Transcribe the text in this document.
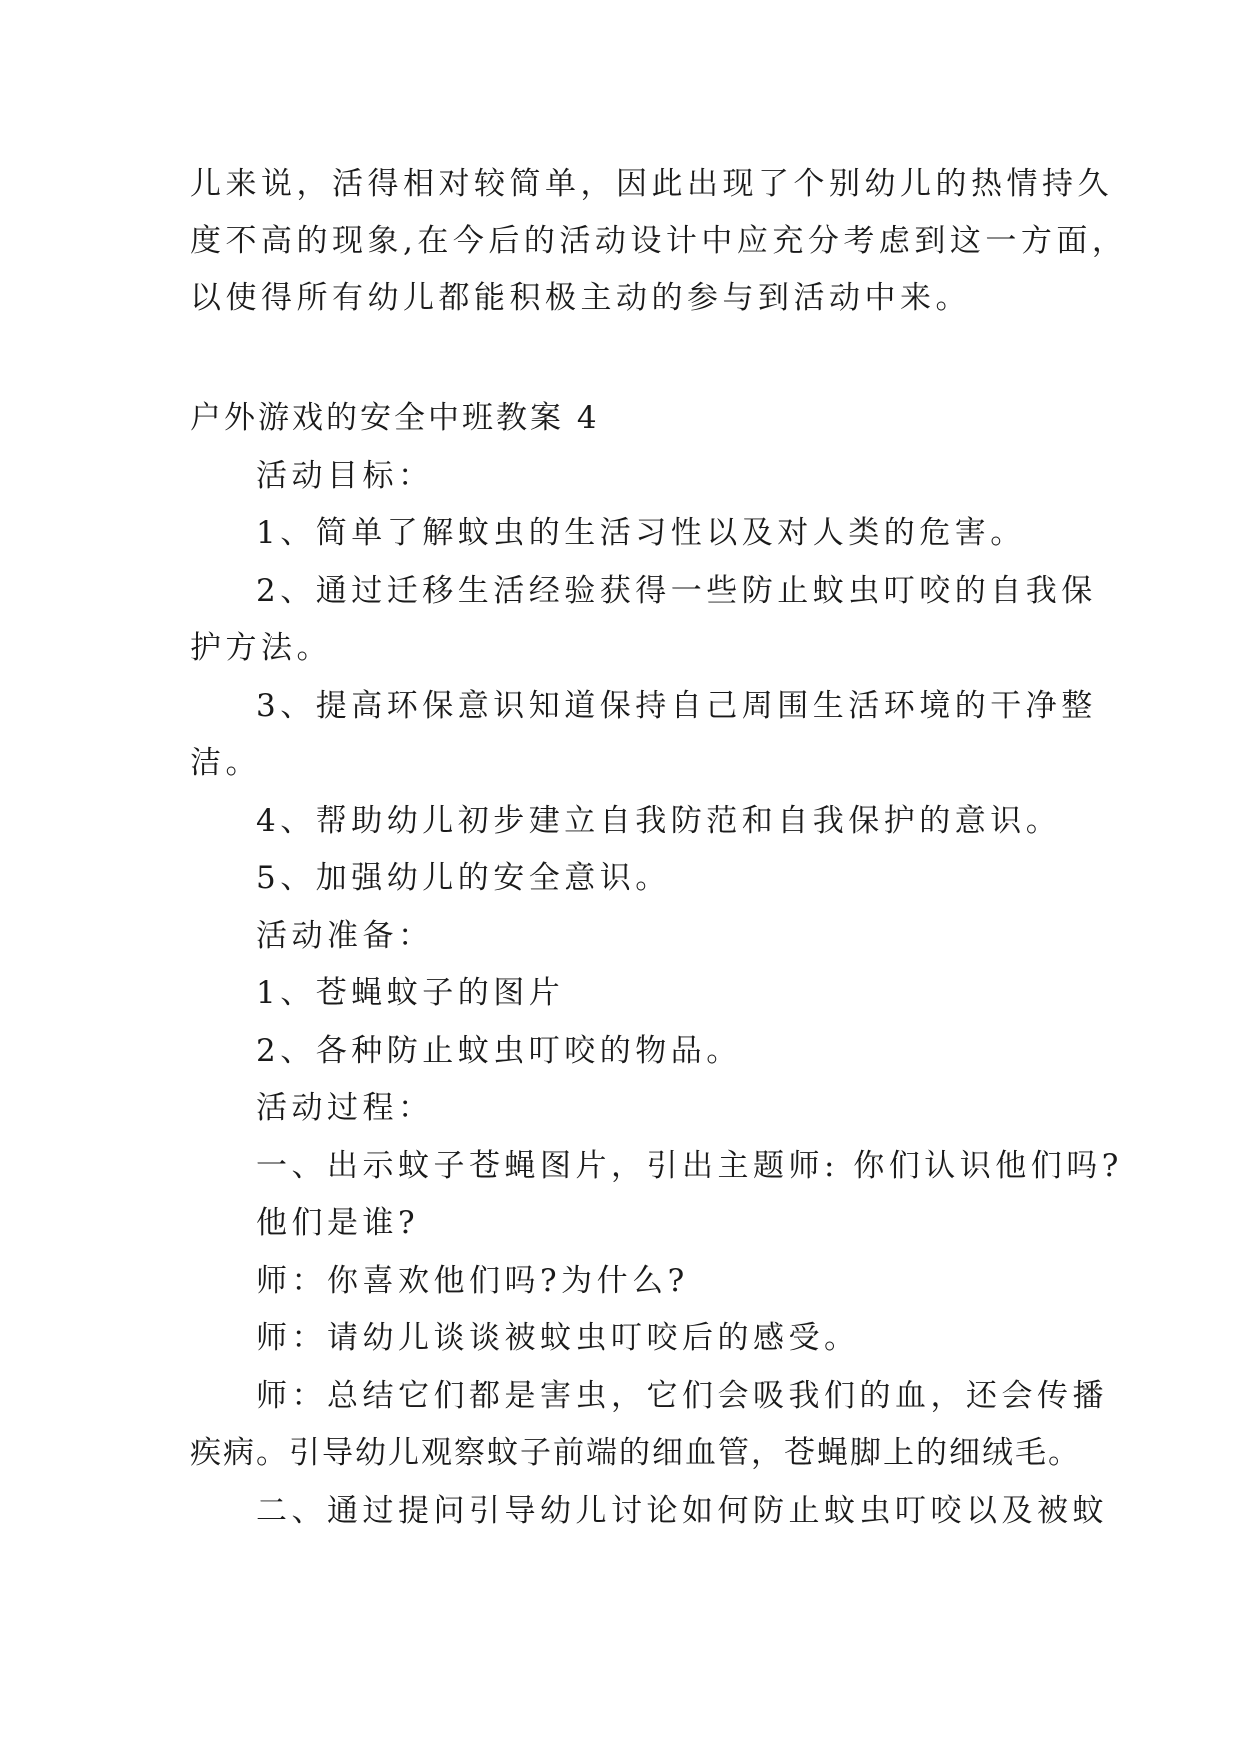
儿来说，活得相对较简单，因此出现了个别幼儿的热情持久
度不高的现象,在今后的活动设计中应充分考虑到这一方面，
以使得所有幼儿都能积极主动的参与到活动中来。
户外游戏的安全中班教案 4
活动目标：
1、简单了解蚊虫的生活习性以及对人类的危害。
2、通过迁移生活经验获得一些防止蚊虫叮咬的自我保
护方法。
3、提高环保意识知道保持自己周围生活环境的干净整
洁。
4、帮助幼儿初步建立自我防范和自我保护的意识。
5、加强幼儿的安全意识。
活动准备：
1、苍蝇蚊子的图片
2、各种防止蚊虫叮咬的物品。
活动过程：
一、出示蚊子苍蝇图片，引出主题师: 你们认识他们吗?
他们是谁?
师：你喜欢他们吗?为什么?
师：请幼儿谈谈被蚊虫叮咬后的感受。
师：总结它们都是害虫，它们会吸我们的血，还会传播
疾病。引导幼儿观察蚊子前端的细血管，苍蝇脚上的细绒毛。
二、通过提问引导幼儿讨论如何防止蚊虫叮咬以及被蚊
